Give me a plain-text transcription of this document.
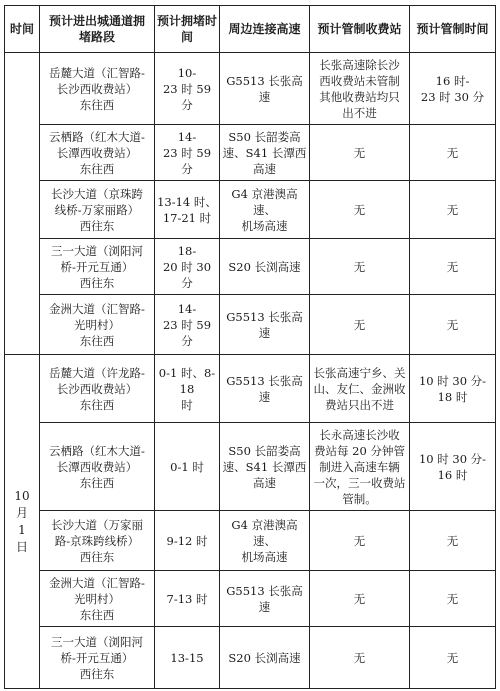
时间	预计进出城通道拥
堵路段	预计拥堵时
间	周边连接高速	预计管制收费站	预计管制时间
	岳麓大道（汇智路-
长沙西收费站）
东往西	10-
23 时 59 分	G5513 长张高速	长张高速除长沙
西收费站未管制
其他收费站均只
出不进	16 时-
23 时 30 分
	云栖路（红木大道-
长潭西收费站）
东往西	14-
23 时 59 分	S50 长韶娄高
速、S41 长潭西
高速	无	无
	长沙大道（京珠跨
线桥-万家丽路）
西往东	13-14 时、
17-21 时	G4 京港澳高速、
机场高速	无	无
	三一大道（浏阳河
桥-开元互通）
西往东	18-
20 时 30 分	S20 长浏高速	无	无
	金洲大道（汇智路-
光明村）
东往西	14-
23 时 59 分	G5513 长张高速	无	无
10
月
1
日	岳麓大道（许龙路-
长沙西收费站）
东往西	0-1 时、8-18
时	G5513 长张高速	长张高速宁乡、关
山、友仁、金洲收
费站只出不进	10 时 30 分-
18 时
	云栖路（红木大道-
长潭西收费站）
东往西	0-1 时	S50 长韶娄高
速、S41 长潭西
高速	长永高速长沙收
费站每 20 分钟管
制进入高速车辆
一次，三一收费站
管制。	10 时 30 分-
16 时
	长沙大道（万家丽
路-京珠跨线桥）
西往东	9-12 时	G4 京港澳高速、
机场高速	无	无
	金洲大道（汇智路-
光明村）
东往西	7-13 时	G5513 长张高速	无	无
	三一大道（浏阳河
桥-开元互通）
西往东	13-15	S20 长浏高速	无	无
